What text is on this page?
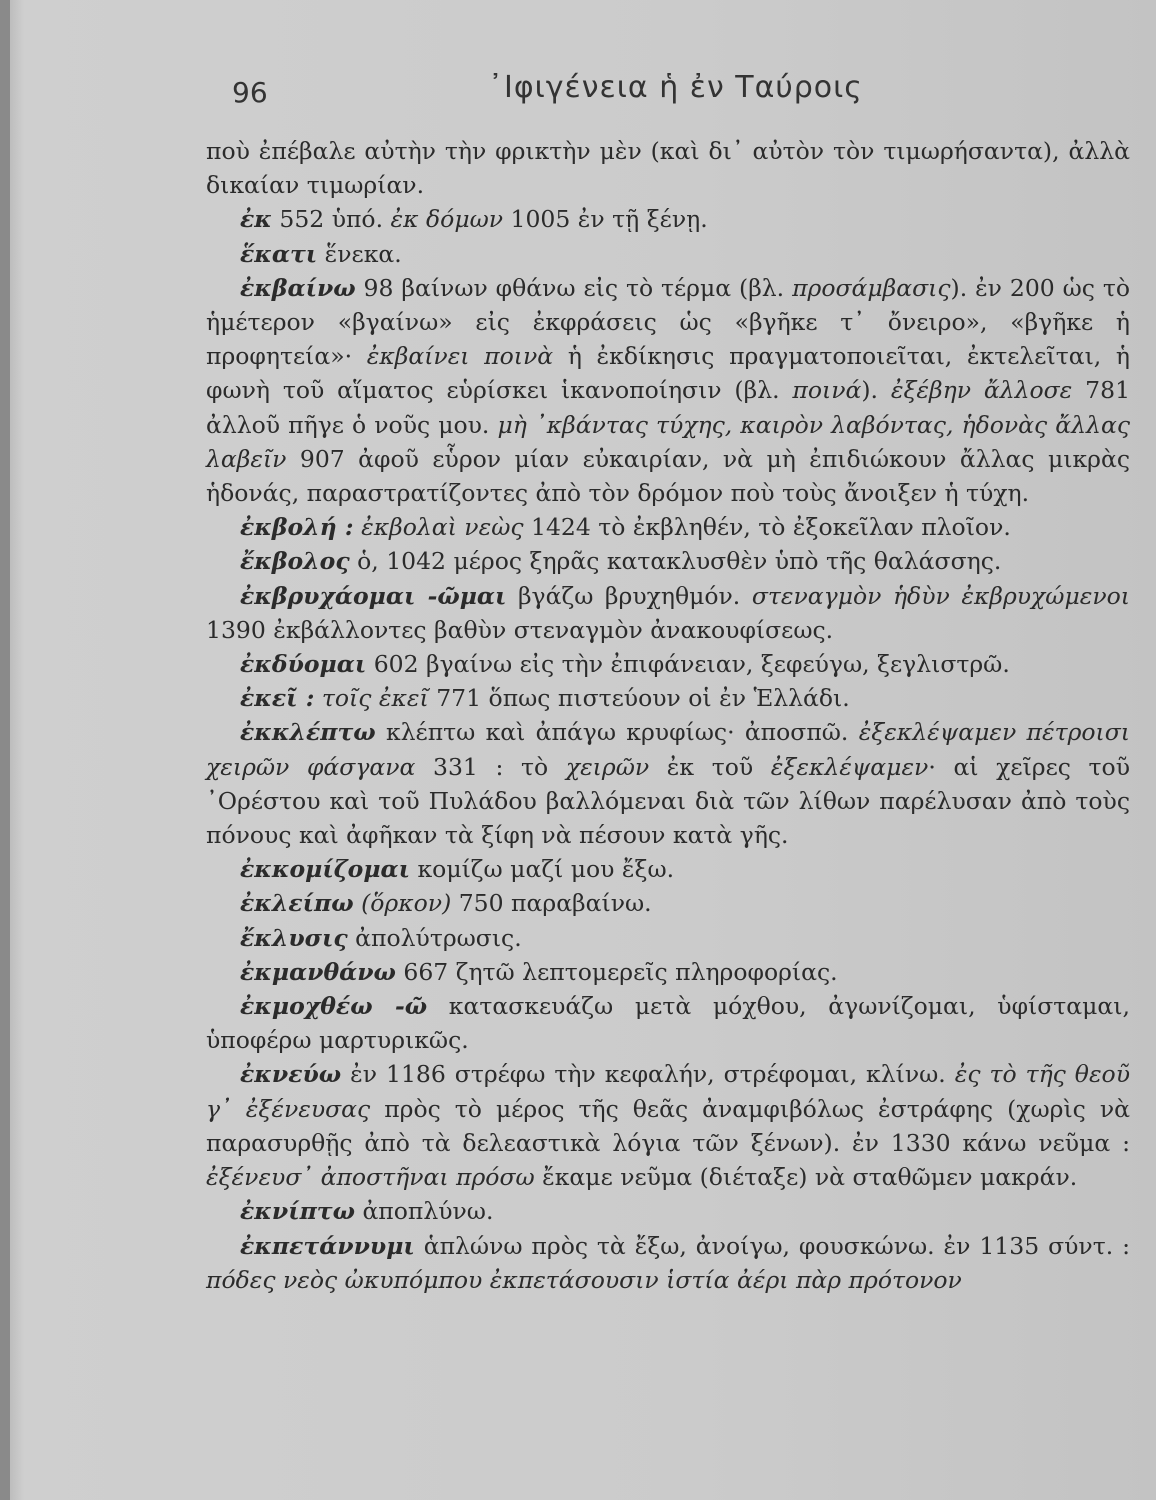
96	᾿Ιφιγένεια ἡ ἐν Ταύροις

ποὺ ἐπέβαλε αὐτὴν τὴν φρικτὴν μὲν (καὶ δι᾽ αὐτὸν τὸν τιμωρήσαντα), ἀλλὰ δικαίαν τιμωρίαν.

ἐκ 552 ὑπό. ἐκ δόμων 1005 ἐν τῇ ξένῃ.

ἕκατι ἕνεκα.

ἐκβαίνω 98 βαίνων φθάνω εἰς τὸ τέρμα (βλ. προσάμβασις). ἐν 200 ὡς τὸ ἡμέτερον «βγαίνω» εἰς ἐκφράσεις ὡς «βγῆκε τ᾽ ὄνειρο», «βγῆκε ἡ προφητεία»· ἐκβαίνει ποινὰ ἡ ἐκδίκησις πραγματοποιεῖται, ἐκτελεῖται, ἡ φωνὴ τοῦ αἵματος εὑρίσκει ἱκανοποίησιν (βλ. ποινά). ἐξέβην ἄλλοσε 781 ἀλλοῦ πῆγε ὁ νοῦς μου. μὴ ᾽κβάντας τύχης, καιρὸν λαβόντας, ἡδονὰς ἄλλας λαβεῖν 907 ἀφοῦ εὗρον μίαν εὐκαιρίαν, νὰ μὴ ἐπιδιώκουν ἄλλας μικρὰς ἡδονάς, παραστρατίζοντες ἀπὸ τὸν δρόμον ποὺ τοὺς ἄνοιξεν ἡ τύχη.

ἐκβολή : ἐκβολαὶ νεὼς 1424 τὸ ἐκβληθέν, τὸ ἐξοκεῖλαν πλοῖον.

ἔκβολος ὁ, 1042 μέρος ξηρᾶς κατακλυσθὲν ὑπὸ τῆς θαλάσσης.

ἐκβρυχάομαι -ῶμαι βγάζω βρυχηθμόν. στεναγμὸν ἡδὺν ἐκβρυχώμενοι 1390 ἐκβάλλοντες βαθὺν στεναγμὸν ἀνακουφίσεως.

ἐκδύομαι 602 βγαίνω εἰς τὴν ἐπιφάνειαν, ξεφεύγω, ξεγλιστρῶ.

ἐκεῖ : τοῖς ἐκεῖ 771 ὅπως πιστεύουν οἱ ἐν Ἑλλάδι.

ἐκκλέπτω κλέπτω καὶ ἀπάγω κρυφίως· ἀποσπῶ. ἐξεκλέψαμεν πέτροισι χειρῶν φάσγανα 331 : τὸ χειρῶν ἐκ τοῦ ἐξεκλέψαμεν· αἱ χεῖρες τοῦ ᾽Ορέστου καὶ τοῦ Πυλάδου βαλλόμεναι διὰ τῶν λίθων παρέλυσαν ἀπὸ τοὺς πόνους καὶ ἀφῆκαν τὰ ξίφη νὰ πέσουν κατὰ γῆς.

ἐκκομίζομαι κομίζω μαζί μου ἔξω.

ἐκλείπω (ὅρκον) 750 παραβαίνω.

ἔκλυσις ἀπολύτρωσις.

ἐκμανθάνω 667 ζητῶ λεπτομερεῖς πληροφορίας.

ἐκμοχθέω -ῶ κατασκευάζω μετὰ μόχθου, ἀγωνίζομαι, ὑφίσταμαι, ὑποφέρω μαρτυρικῶς.

ἐκνεύω ἐν 1186 στρέφω τὴν κεφαλήν, στρέφομαι, κλίνω. ἐς τὸ τῆς θεοῦ γ᾽ ἐξένευσας πρὸς τὸ μέρος τῆς θεᾶς ἀναμφιβόλως ἐστράφης (χωρὶς νὰ παρασυρθῇς ἀπὸ τὰ δελεαστικὰ λόγια τῶν ξένων). ἐν 1330 κάνω νεῦμα : ἐξένευσ᾽ ἀποστῆναι πρόσω ἔκαμε νεῦμα (διέταξε) νὰ σταθῶμεν μακράν.

ἐκνίπτω ἀποπλύνω.

ἐκπετάννυμι ἁπλώνω πρὸς τὰ ἔξω, ἀνοίγω, φουσκώνω. ἐν 1135 σύντ. : πόδες νεὸς ὠκυπόμπου ἐκπετάσουσιν ἱστία ἀέρι πὰρ πρότονον
